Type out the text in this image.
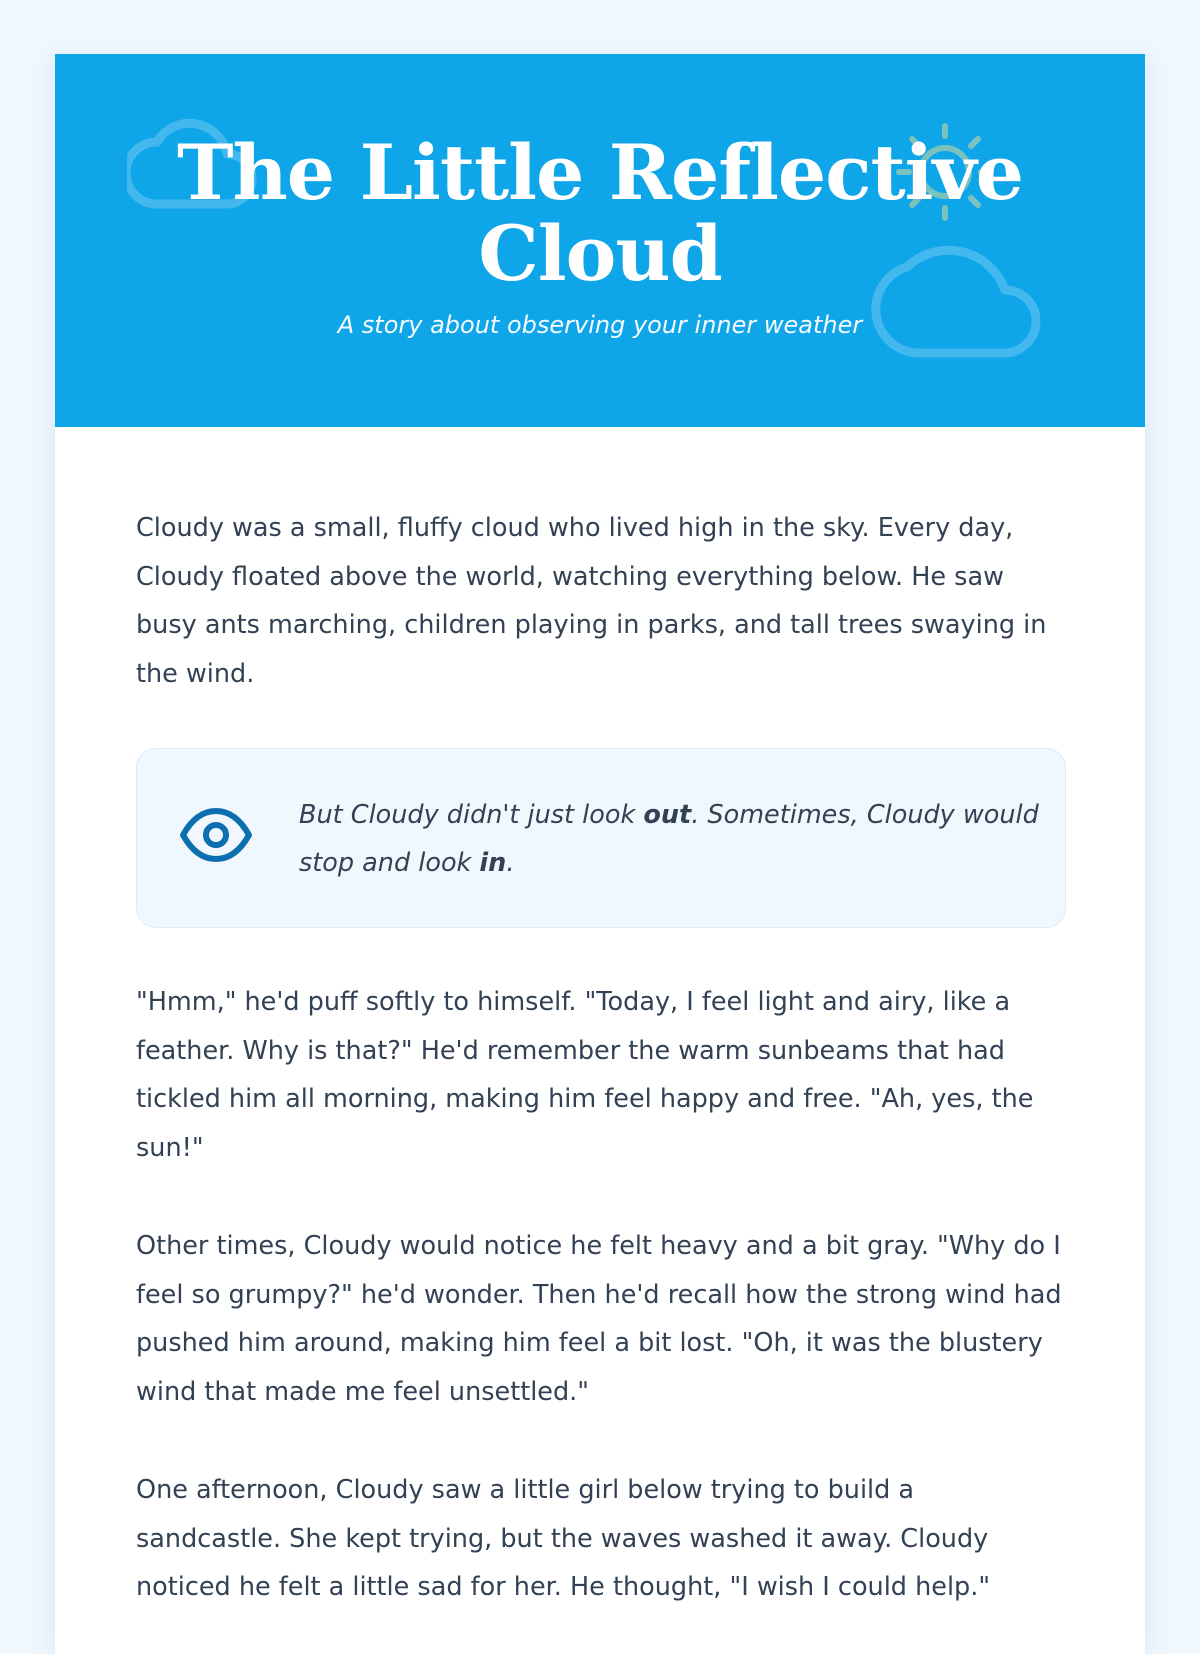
The Little Reflective Cloud

A story about observing your inner weather

Cloudy was a small, fluffy cloud who lived high in the sky. Every day, Cloudy floated above the world, watching everything below. He saw busy ants marching, children playing in parks, and tall trees swaying in the wind.

But Cloudy didn't just look out. Sometimes, Cloudy would stop and look in.

"Hmm," he'd puff softly to himself. "Today, I feel light and airy, like a feather. Why is that?" He'd remember the warm sunbeams that had tickled him all morning, making him feel happy and free. "Ah, yes, the sun!"

Other times, Cloudy would notice he felt heavy and a bit gray. "Why do I feel so grumpy?" he'd wonder. Then he'd recall how the strong wind had pushed him around, making him feel a bit lost. "Oh, it was the blustery wind that made me feel unsettled."

One afternoon, Cloudy saw a little girl below trying to build a sandcastle. She kept trying, but the waves washed it away. Cloudy noticed he felt a little sad for her. He thought, "I wish I could help."
